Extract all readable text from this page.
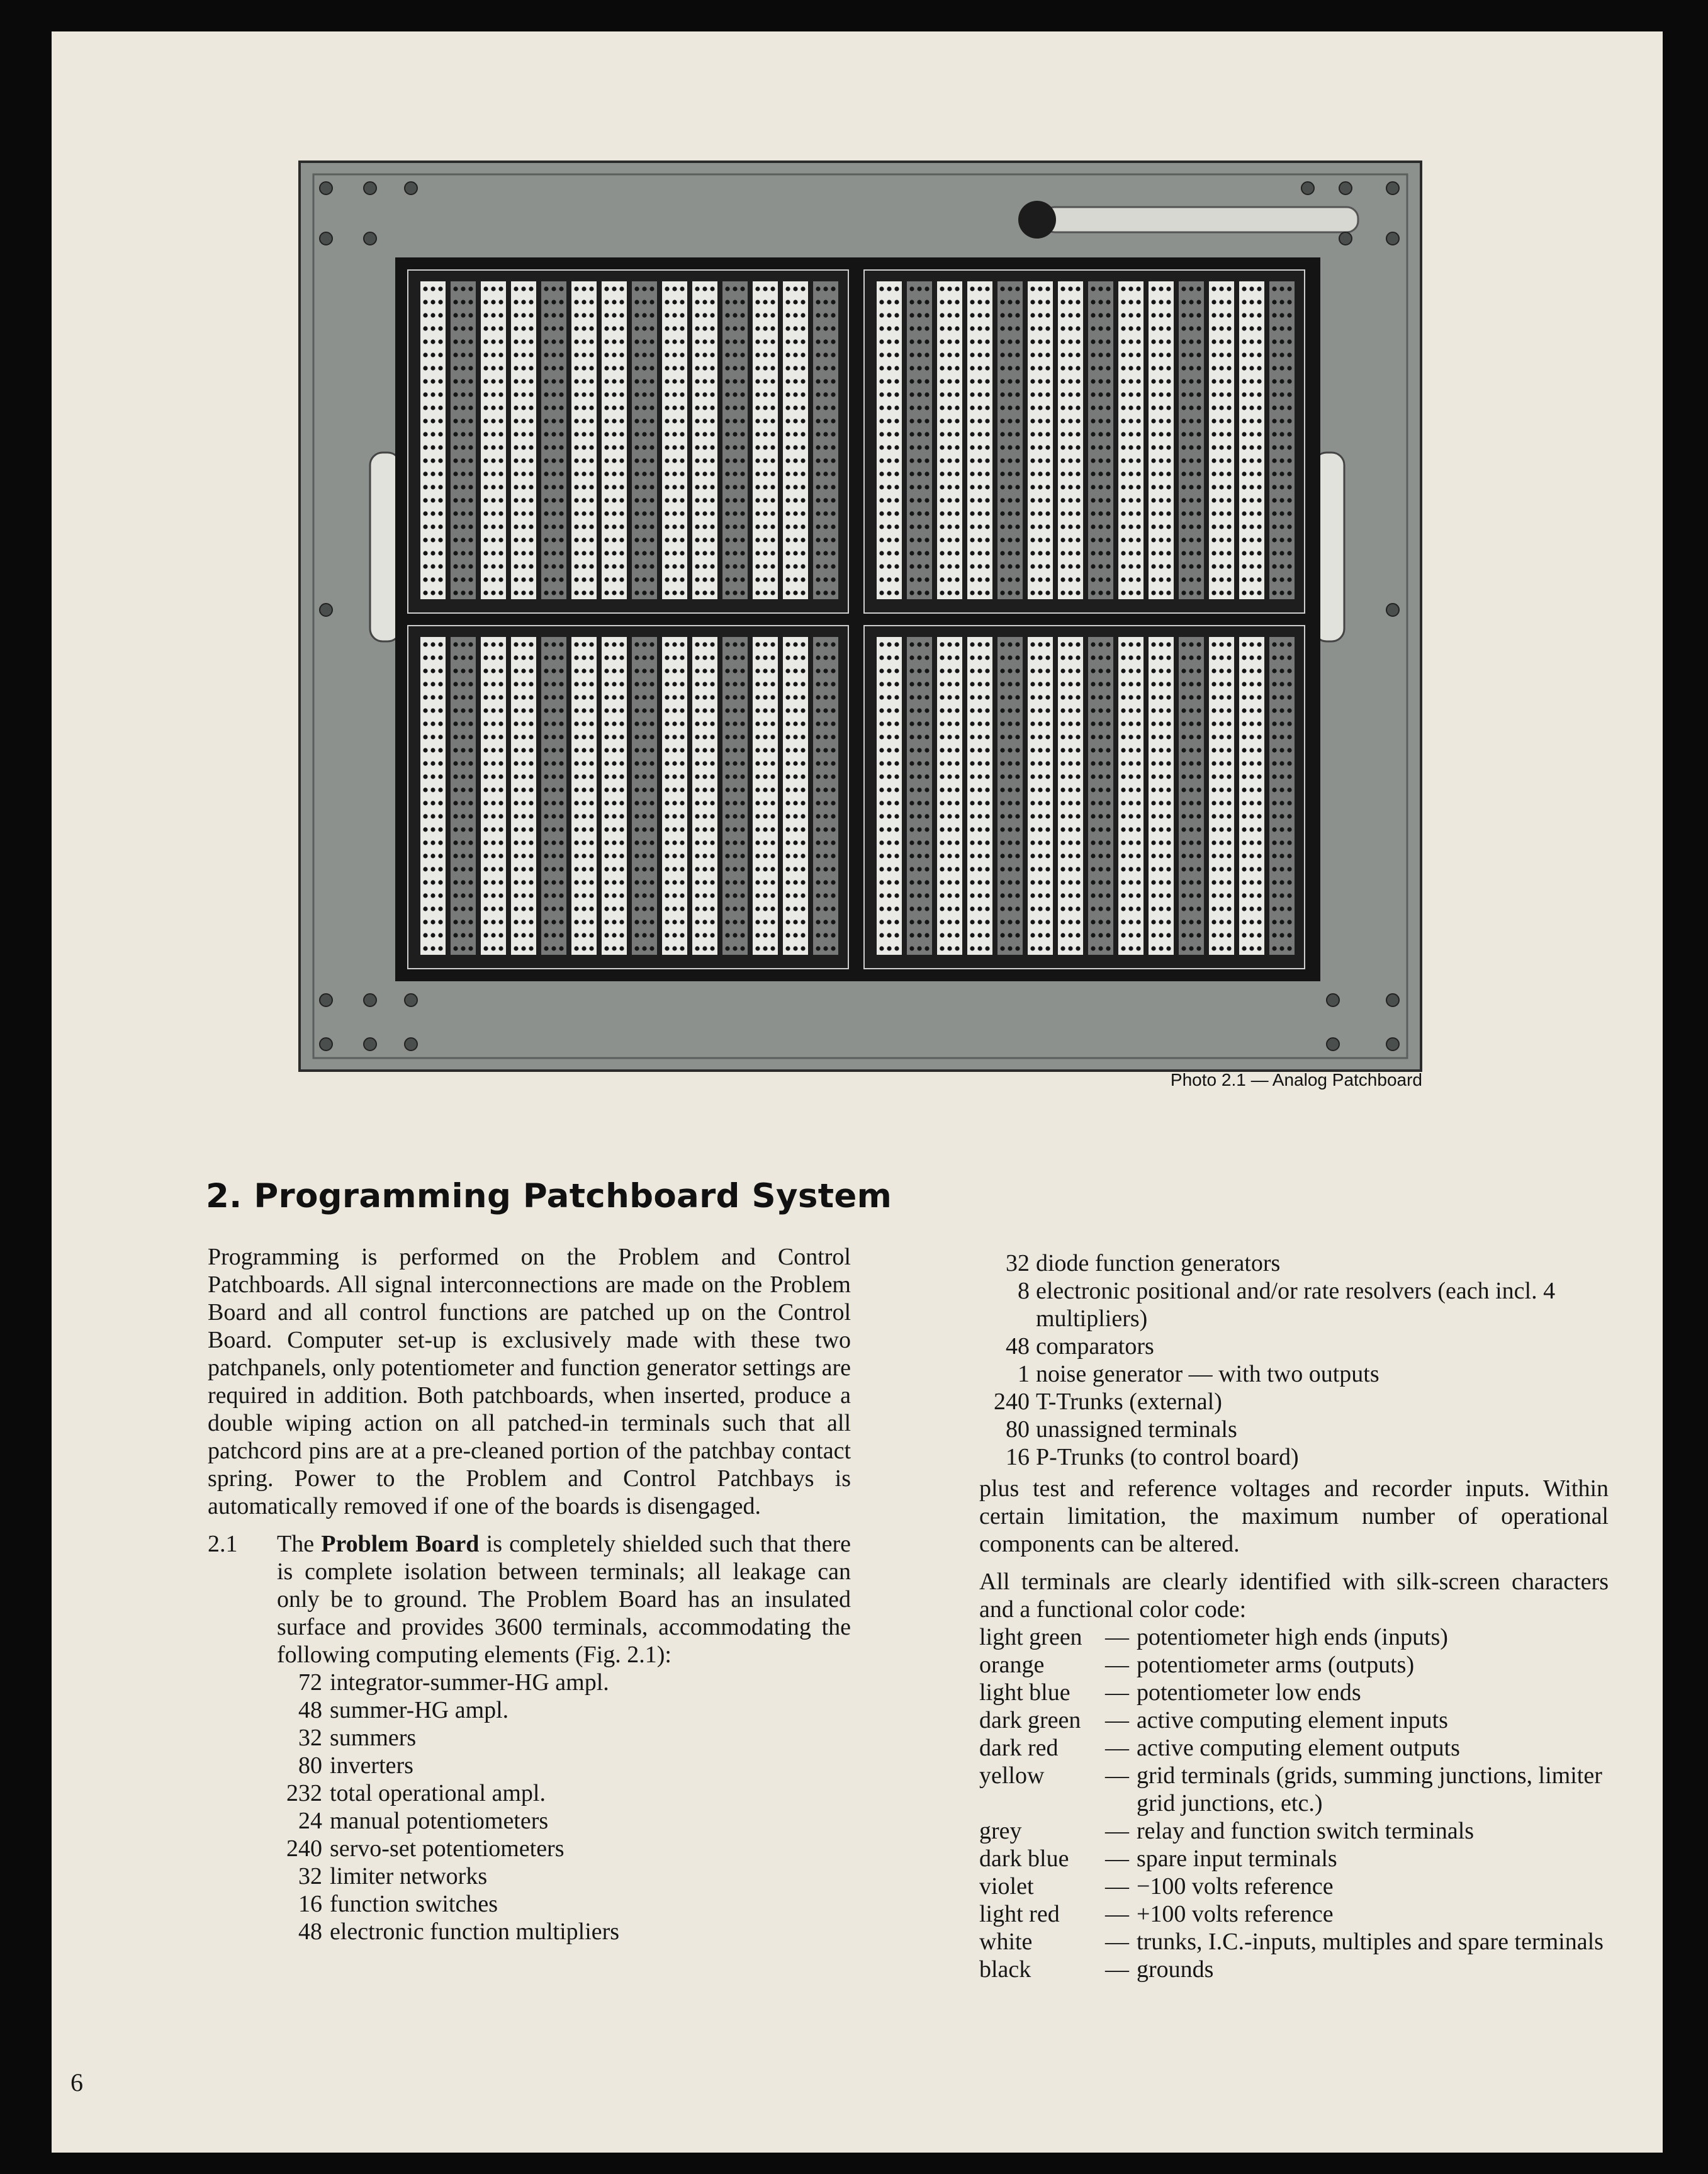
Photo 2.1 — Analog Patchboard
2. Programming Patchboard System

Programming is performed on the Problem and Control Patchboards. All signal interconnections are made on the Problem Board and all control functions are patched up on the Control Board. Computer set-up is exclusively made with these two patchpanels, only potentiometer and function generator settings are required in addition. Both patchboards, when inserted, produce a double wiping action on all patched-in terminals such that all patchcord pins are at a pre-cleaned portion of the patchbay contact spring. Power to the Problem and Control Patchbays is automatically removed if one of the boards is disengaged.

2.1	The Problem Board is completely shielded such that there is complete isolation between terminals; all leakage can only be to ground. The Problem Board has an insulated surface and provides 3600 terminals, accommodating the following computing elements (Fig. 2.1):

72 integrator-summer-HG ampl.
48 summer-HG ampl.
32 summers
80 inverters
232 total operational ampl.
24 manual potentiometers
240 servo-set potentiometers
32 limiter networks
16 function switches
48 electronic function multipliers
32 diode function generators
8 electronic positional and/or rate resolvers (each incl. 4 multipliers)
48 comparators
1 noise generator — with two outputs
240 T-Trunks (external)
80 unassigned terminals
16 P-Trunks (to control board)

plus test and reference voltages and recorder inputs. Within certain limitation, the maximum number of operational components can be altered.

All terminals are clearly identified with silk-screen characters and a functional color code:

light green — potentiometer high ends (inputs)
orange	— potentiometer arms (outputs)
light blue	— potentiometer low ends
dark green	— active computing element inputs
dark red	— active computing element outputs
yellow	— grid terminals (grids, summing junctions, limiter grid junctions, etc.)
grey	— relay and function switch terminals
dark blue	— spare input terminals
violet	— −100 volts reference
light red	— +100 volts reference
white	— trunks, I.C.-inputs, multiples and spare terminals
black	— grounds
6
